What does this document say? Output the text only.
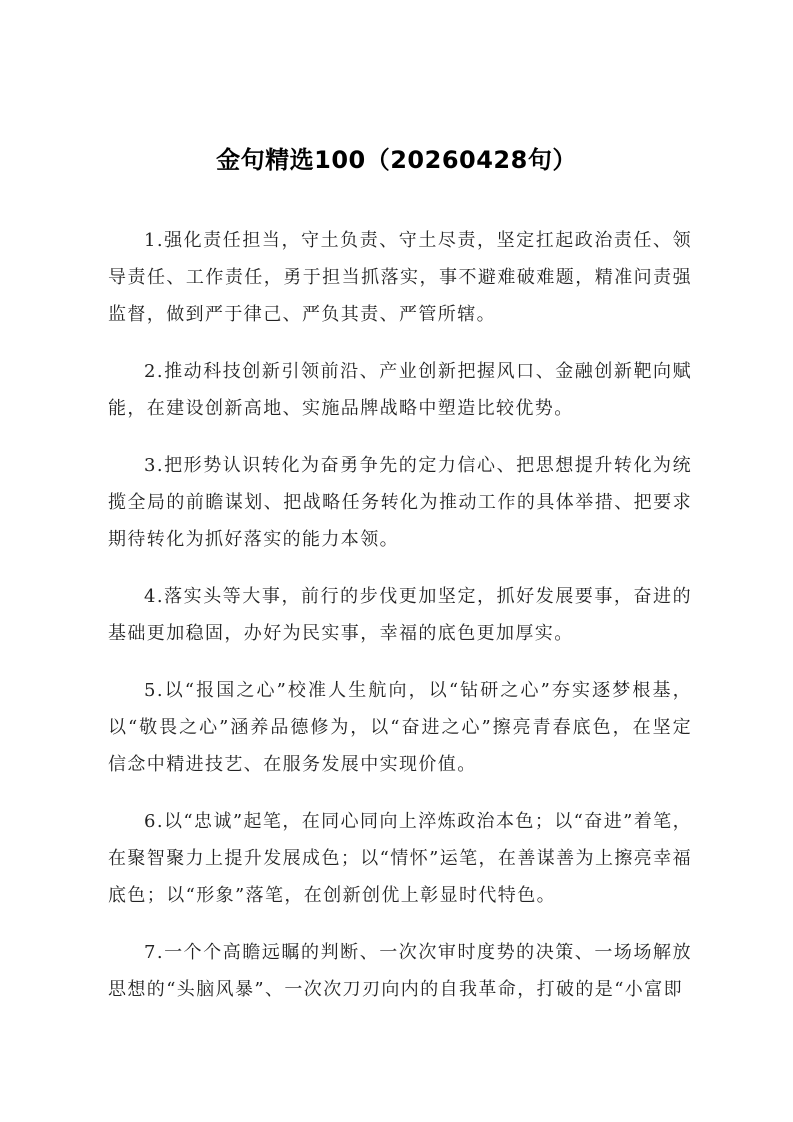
金句精选100（20260428句）

1.强化责任担当，守土负责、守土尽责，坚定扛起政治责任、领导责任、工作责任，勇于担当抓落实，事不避难破难题，精准问责强监督，做到严于律己、严负其责、严管所辖。

2.推动科技创新引领前沿、产业创新把握风口、金融创新靶向赋能，在建设创新高地、实施品牌战略中塑造比较优势。

3.把形势认识转化为奋勇争先的定力信心、把思想提升转化为统揽全局的前瞻谋划、把战略任务转化为推动工作的具体举措、把要求期待转化为抓好落实的能力本领。

4.落实头等大事，前行的步伐更加坚定，抓好发展要事，奋进的基础更加稳固，办好为民实事，幸福的底色更加厚实。

5.以“报国之心”校准人生航向，以“钻研之心”夯实逐梦根基，以“敬畏之心”涵养品德修为，以“奋进之心”擦亮青春底色，在坚定信念中精进技艺、在服务发展中实现价值。

6.以“忠诚”起笔，在同心同向上淬炼政治本色；以“奋进”着笔，在聚智聚力上提升发展成色；以“情怀”运笔，在善谋善为上擦亮幸福底色；以“形象”落笔，在创新创优上彰显时代特色。

7.一个个高瞻远瞩的判断、一次次审时度势的决策、一场场解放思想的“头脑风暴”、一次次刀刃向内的自我革命，打破的是“小富即
